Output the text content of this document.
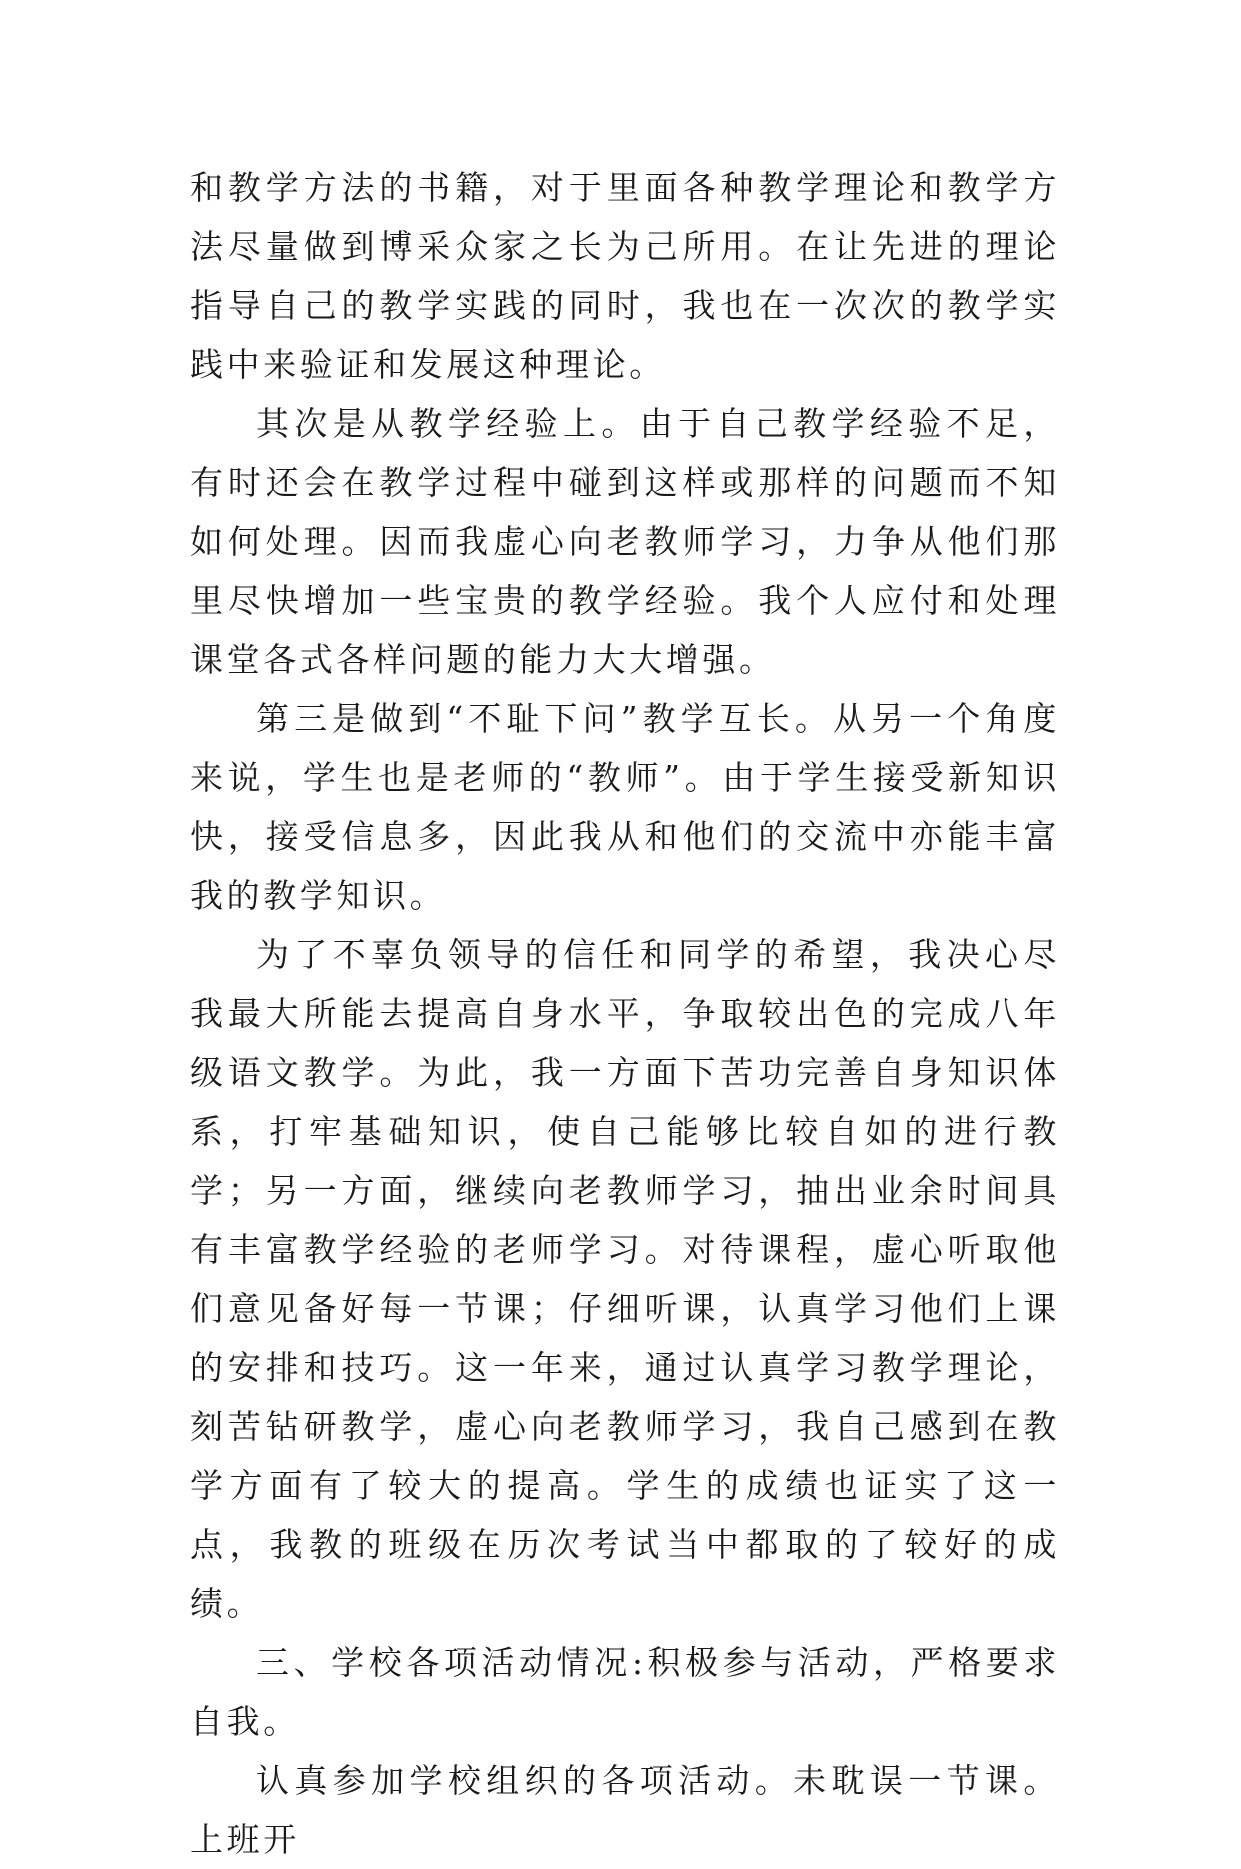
和教学方法的书籍，对于里面各种教学理论和教学方法尽量做到博采众家之长为己所用。在让先进的理论指导自己的教学实践的同时，我也在一次次的教学实践中来验证和发展这种理论。

其次是从教学经验上。由于自己教学经验不足，有时还会在教学过程中碰到这样或那样的问题而不知如何处理。因而我虚心向老教师学习，力争从他们那里尽快增加一些宝贵的教学经验。我个人应付和处理课堂各式各样问题的能力大大增强。

第三是做到“不耻下问”教学互长。从另一个角度来说，学生也是老师的“教师”。由于学生接受新知识快，接受信息多，因此我从和他们的交流中亦能丰富我的教学知识。

为了不辜负领导的信任和同学的希望，我决心尽我最大所能去提高自身水平，争取较出色的完成八年级语文教学。为此，我一方面下苦功完善自身知识体系，打牢基础知识，使自己能够比较自如的进行教学；另一方面，继续向老教师学习，抽出业余时间具有丰富教学经验的老师学习。对待课程，虚心听取他们意见备好每一节课；仔细听课，认真学习他们上课的安排和技巧。这一年来，通过认真学习教学理论，刻苦钻研教学，虚心向老教师学习，我自己感到在教学方面有了较大的提高。学生的成绩也证实了这一点，我教的班级在历次考试当中都取的了较好的成绩。

三、学校各项活动情况:积极参与活动，严格要求自我。

认真参加学校组织的各项活动。未耽误一节课。上班开
